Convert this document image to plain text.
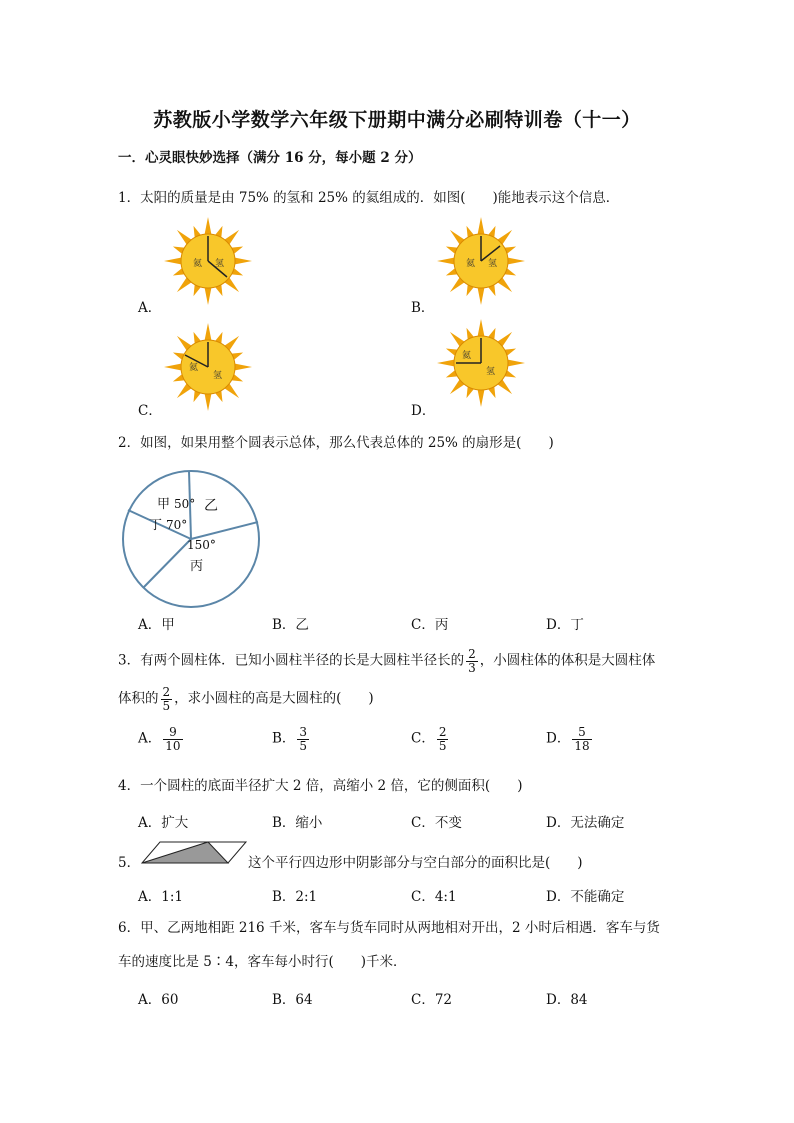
苏教版小学数学六年级下册期中满分必刷特训卷（十一）
一．心灵眼快妙选择（满分 16 分，每小题 2 分）
1．太阳的质量是由 75% 的氢和 25% 的氦组成的．如图(　　)能地表示这个信息．
氦 氢
A．
氦 氢
B．
氦
氢
C．
氦
氢
D．
2．如图，如果用整个圆表示总体，那么代表总体的 25% 的扇形是(　　)
甲 50° 乙
丁 70°
150°
丙
A．甲	B．乙	C．丙	D．丁
3．有两个圆柱体．已知小圆柱半径的长是大圆柱半径长的 $\frac{2}{3}$ ，小圆柱体的体积是大圆柱体
体积的 $\frac{2}{5}$ ，求小圆柱的高是大圆柱的(　　)
A． $\frac{9}{10}$	B． $\frac{3}{5}$	C． $\frac{2}{5}$	D． $\frac{5}{18}$
4．一个圆柱的底面半径扩大 2 倍，高缩小 2 倍，它的侧面积(　　)
A．扩大	B．缩小	C．不变	D．无法确定
5．	这个平行四边形中阴影部分与空白部分的面积比是(　　)
A．1:1	B．2:1	C．4:1	D．不能确定
6．甲、乙两地相距 216 千米，客车与货车同时从两地相对开出，2 小时后相遇．客车与货
车的速度比是 5∶4，客车每小时行(　　)千米．
A．60	B．64	C．72	D．84
